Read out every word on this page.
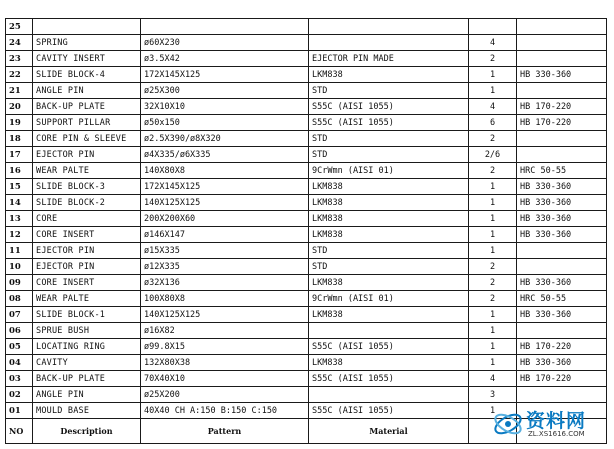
25					
24	SPRING	ø60X230		4	
23	CAVITY INSERT	ø3.5X42	EJECTOR PIN MADE	2	
22	SLIDE BLOCK-4	172X145X125	LKM838	1	HB 330-360
21	ANGLE PIN	ø25X300	STD	1	
20	BACK-UP PLATE	32X10X10	S55C (AISI 1055)	4	HB 170-220
19	SUPPORT PILLAR	ø50x150	S55C (AISI 1055)	6	HB 170-220
18	CORE PIN & SLEEVE	ø2.5X390/ø8X320	STD	2	
17	EJECTOR PIN	ø4X335/ø6X335	STD	2/6	
16	WEAR PALTE	140X80X8	9CrWmn (AISI 01)	2	HRC 50-55
15	SLIDE BLOCK-3	172X145X125	LKM838	1	HB 330-360
14	SLIDE BLOCK-2	140X125X125	LKM838	1	HB 330-360
13	CORE	200X200X60	LKM838	1	HB 330-360
12	CORE INSERT	ø146X147	LKM838	1	HB 330-360
11	EJECTOR PIN	ø15X335	STD	1	
10	EJECTOR PIN	ø12X335	STD	2	
09	CORE INSERT	ø32X136	LKM838	2	HB 330-360
08	WEAR PALTE	100X80X8	9CrWmn (AISI 01)	2	HRC 50-55
07	SLIDE BLOCK-1	140X125X125	LKM838	1	HB 330-360
06	SPRUE BUSH	ø16X82		1	
05	LOCATING RING	ø99.8X15	S55C (AISI 1055)	1	HB 170-220
04	CAVITY	132X80X38	LKM838	1	HB 330-360
03	BACK-UP PLATE	70X40X10	S55C (AISI 1055)	4	HB 170-220
02	ANGLE PIN	ø25X200		3	
01	MOULD BASE	40X40 CH A:150 B:150 C:150	S55C (AISI 1055)	1	
NO	Description	Pattern	Material			资料网
ZL.XS1616.COM
